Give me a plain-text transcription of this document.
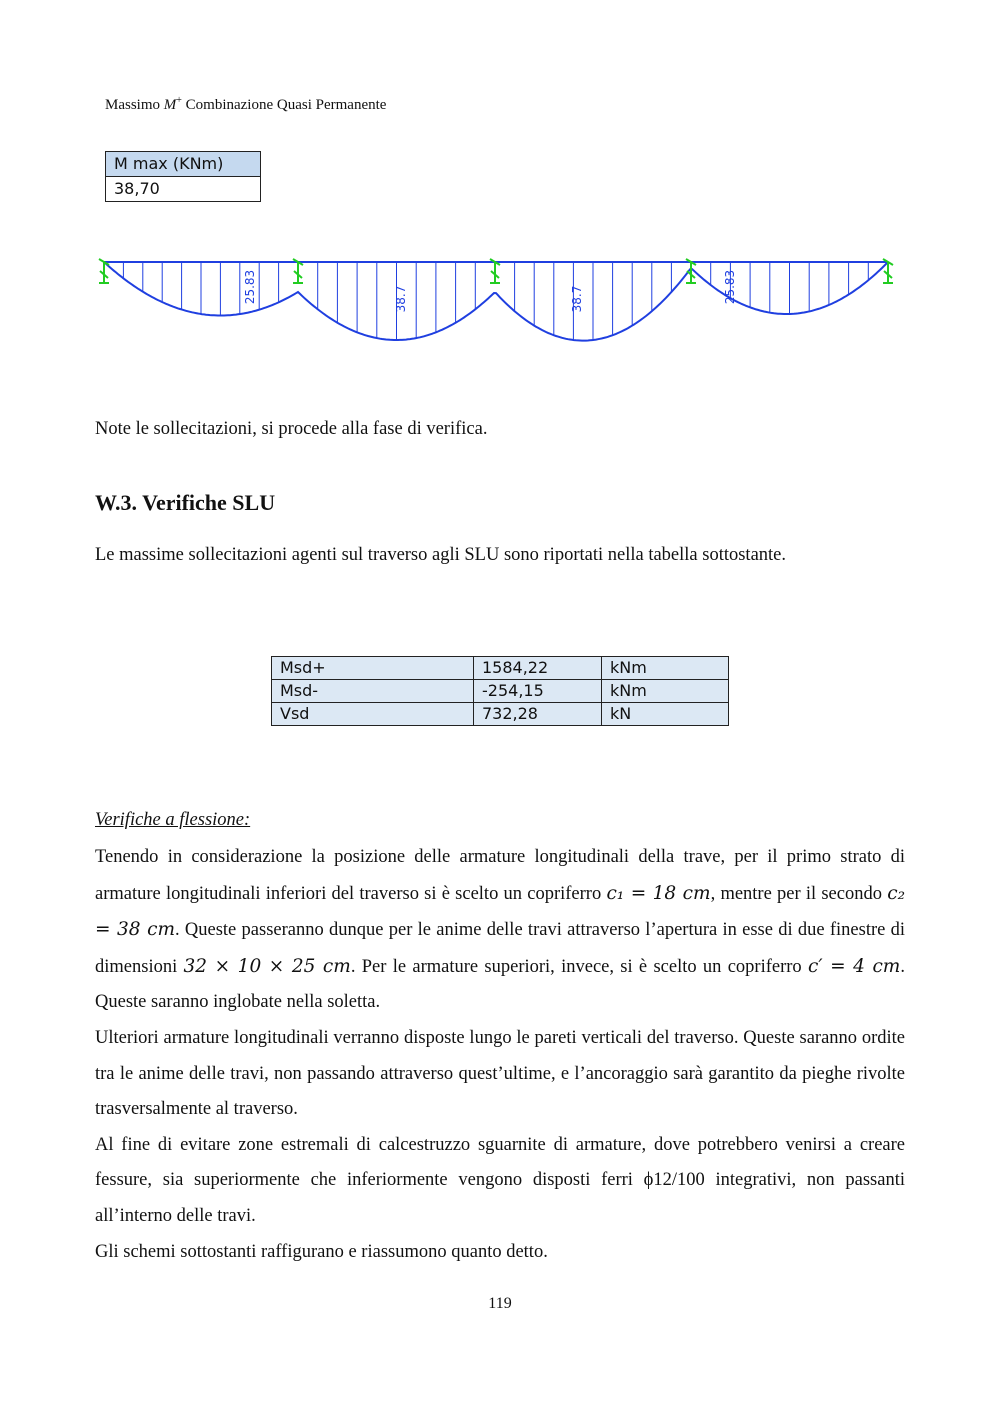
Massimo M+ Combinazione Quasi Permanente
M max (KNm)
38,70
25.83	38.7	38.7	25.83
Note le sollecitazioni, si procede alla fase di verifica.
W.3. Verifiche SLU
Le massime sollecitazioni agenti sul traverso agli SLU sono riportati nella tabella sottostante.
Msd+	1584,22	kNm
Msd-	-254,15	kNm
Vsd	732,28	kN
Verifiche a flessione:

Tenendo in considerazione la posizione delle armature longitudinali della trave, per il primo strato di armature longitudinali inferiori del traverso si è scelto un copriferro c₁ = 18 cm, mentre per il secondo c₂ = 38 cm. Queste passeranno dunque per le anime delle travi attraverso l’apertura in esse di due finestre di dimensioni 32 × 10 × 25 cm. Per le armature superiori, invece, si è scelto un copriferro c′ = 4 cm. Queste saranno inglobate nella soletta.

Ulteriori armature longitudinali verranno disposte lungo le pareti verticali del traverso. Queste saranno ordite tra le anime delle travi, non passando attraverso quest’ultime, e l’ancoraggio sarà garantito da pieghe rivolte trasversalmente al traverso.

Al fine di evitare zone estremali di calcestruzzo sguarnite di armature, dove potrebbero venirsi a creare fessure, sia superiormente che inferiormente vengono disposti ferri ϕ12/100 integrativi, non passanti all’interno delle travi.

Gli schemi sottostanti raffigurano e riassumono quanto detto.

119
